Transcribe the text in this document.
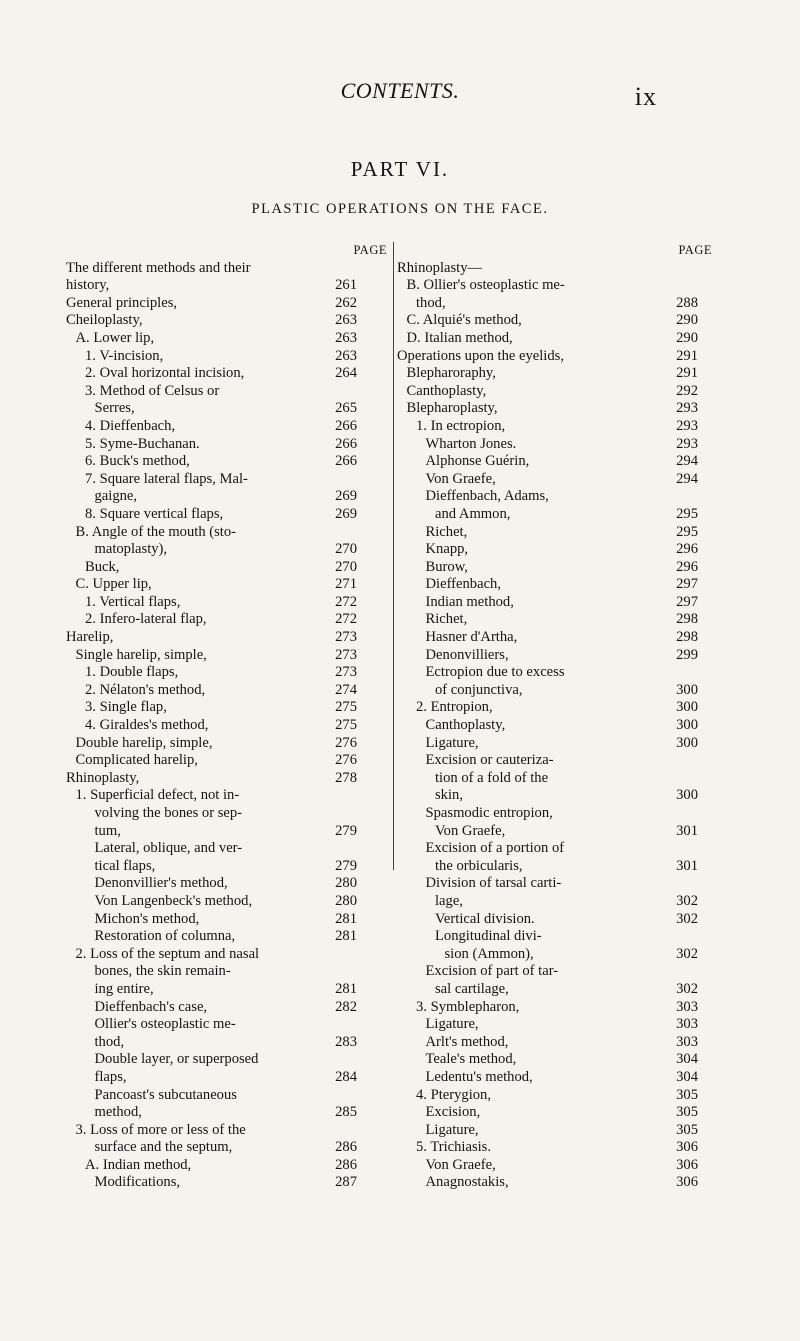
CONTENTS.	ix
PART VI.
PLASTIC OPERATIONS ON THE FACE.
PAGE
The different methods and their
history,	261
General principles,	262
Cheiloplasty,	263
A. Lower lip,	263
1. V-incision,	263
2. Oval horizontal incision,	264
3. Method of Celsus or
Serres,	265
4. Dieffenbach,	266
5. Syme-Buchanan.	266
6. Buck's method,	266
7. Square lateral flaps, Mal-
gaigne,	269
8. Square vertical flaps,	269
B. Angle of the mouth (sto-
matoplasty),	270
Buck,	270
C. Upper lip,	271
1. Vertical flaps,	272
2. Infero-lateral flap,	272
Harelip,	273
Single harelip, simple,	273
1. Double flaps,	273
2. Nélaton's method,	274
3. Single flap,	275
4. Giraldes's method,	275
Double harelip, simple,	276
Complicated harelip,	276
Rhinoplasty,	278
1. Superficial defect, not in-
volving the bones or sep-
tum,	279
Lateral, oblique, and ver-
tical flaps,	279
Denonvillier's method,	280
Von Langenbeck's method,	280
Michon's method,	281
Restoration of columna,	281
2. Loss of the septum and nasal
bones, the skin remain-
ing entire,	281
Dieffenbach's case,	282
Ollier's osteoplastic me-
thod,	283
Double layer, or superposed
flaps,	284
Pancoast's subcutaneous
method,	285
3. Loss of more or less of the
surface and the septum,	286
A. Indian method,	286
Modifications,	287
PAGE
Rhinoplasty—
B. Ollier's osteoplastic me-
thod,	288
C. Alquié's method,	290
D. Italian method,	290
Operations upon the eyelids,	291
Blepharoraphy,	291
Canthoplasty,	292
Blepharoplasty,	293
1. In ectropion,	293
Wharton Jones.	293
Alphonse Guérin,	294
Von Graefe,	294
Dieffenbach, Adams,
and Ammon,	295
Richet,	295
Knapp,	296
Burow,	296
Dieffenbach,	297
Indian method,	297
Richet,	298
Hasner d'Artha,	298
Denonvilliers,	299
Ectropion due to excess
of conjunctiva,	300
2. Entropion,	300
Canthoplasty,	300
Ligature,	300
Excision or cauteriza-
tion of a fold of the
skin,	300
Spasmodic entropion,
Von Graefe,	301
Excision of a portion of
the orbicularis,	301
Division of tarsal carti-
lage,	302
Vertical division.	302
Longitudinal divi-
sion (Ammon),	302
Excision of part of tar-
sal cartilage,	302
3. Symblepharon,	303
Ligature,	303
Arlt's method,	303
Teale's method,	304
Ledentu's method,	304
4. Pterygion,	305
Excision,	305
Ligature,	305
5. Trichiasis.	306
Von Graefe,	306
Anagnostakis,	306
